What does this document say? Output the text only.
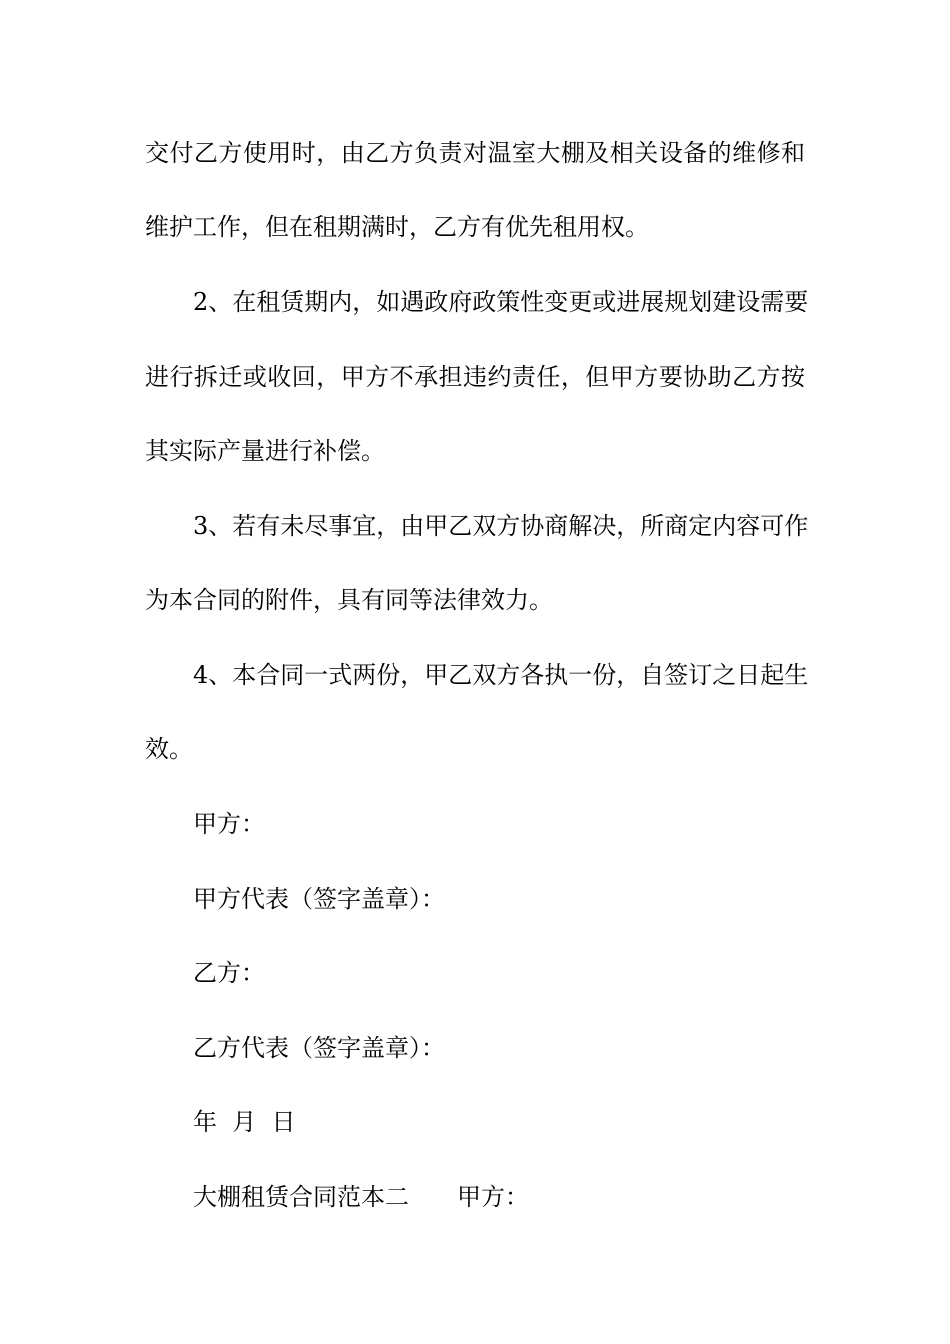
交付乙方使用时，由乙方负责对温室大棚及相关设备的维修和
维护工作，但在租期满时，乙方有优先租用权。
2、在租赁期内，如遇政府政策性变更或进展规划建设需要
进行拆迁或收回，甲方不承担违约责任，但甲方要协助乙方按
其实际产量进行补偿。
3、若有未尽事宜，由甲乙双方协商解决，所商定内容可作
为本合同的附件，具有同等法律效力。
4、本合同一式两份，甲乙双方各执一份，自签订之日起生
效。
甲方：
甲方代表（签字盖章）：
乙方：
乙方代表（签字盖章）：
年  月  日
大棚租赁合同范本二 甲方：
